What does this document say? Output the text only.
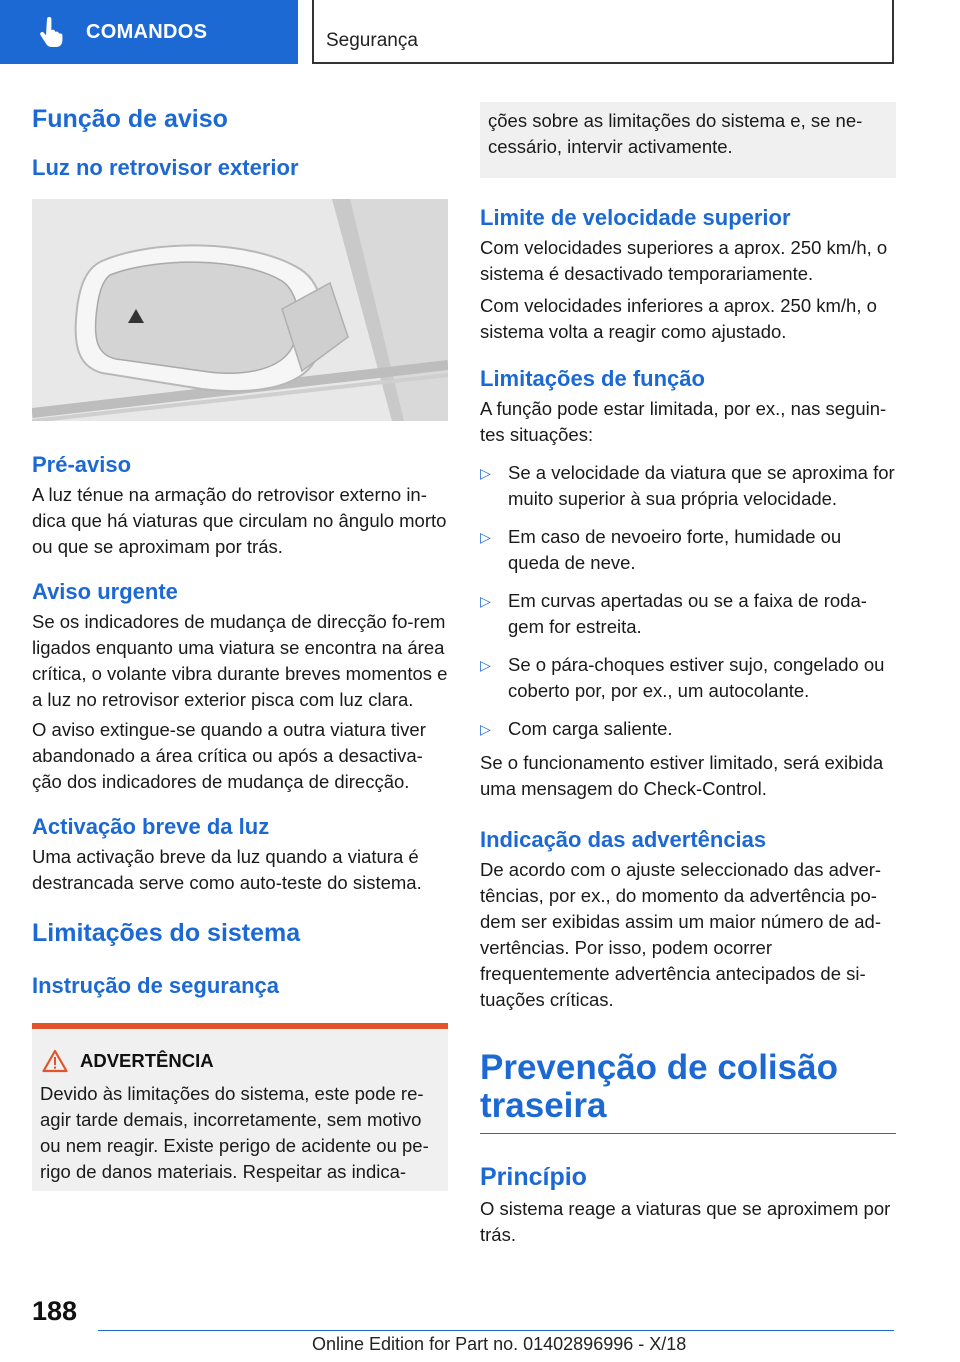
COMANDOS	Segurança
Função de aviso
Luz no retrovisor exterior
Pré-aviso

A luz ténue na armação do retrovisor externo in-dica que há viaturas que circulam no ângulo morto ou que se aproximam por trás.

Aviso urgente

Se os indicadores de mudança de direcção fo-rem ligados enquanto uma viatura se encontra na área crítica, o volante vibra durante breves momentos e a luz no retrovisor exterior pisca com luz clara.

O aviso extingue-se quando a outra viatura tiver abandonado a área crítica ou após a desactiva-ção dos indicadores de mudança de direcção.

Activação breve da luz

Uma activação breve da luz quando a viatura é destrancada serve como auto-teste do sistema.

Limitações do sistema
Instrução de segurança
ADVERTÊNCIA

Devido às limitações do sistema, este pode re-agir tarde demais, incorretamente, sem motivo ou nem reagir. Existe perigo de acidente ou pe-rigo de danos materiais. Respeitar as indica-

ções sobre as limitações do sistema e, se ne-cessário, intervir activamente.

Limite de velocidade superior

Com velocidades superiores a aprox. 250 km/h, o sistema é desactivado temporariamente.

Com velocidades inferiores a aprox. 250 km/h, o sistema volta a reagir como ajustado.

Limitações de função

A função pode estar limitada, por ex., nas seguin-tes situações:

▷ Se a velocidade da viatura que se aproxima for muito superior à sua própria velocidade.

▷ Em caso de nevoeiro forte, humidade ou queda de neve.

▷ Em curvas apertadas ou se a faixa de roda-gem for estreita.

▷ Se o pára-choques estiver sujo, congelado ou coberto por, por ex., um autocolante.

▷ Com carga saliente.

Se o funcionamento estiver limitado, será exibida uma mensagem do Check-Control.

Indicação das advertências

De acordo com o ajuste seleccionado das adver-tências, por ex., do momento da advertência po-dem ser exibidas assim um maior número de ad-vertências. Por isso, podem ocorrer frequentemente advertência antecipados de si-tuações críticas.

Prevenção de colisão
traseira
Princípio

O sistema reage a viaturas que se aproximem por trás.

188
Online Edition for Part no. 01402896996 - X/18
